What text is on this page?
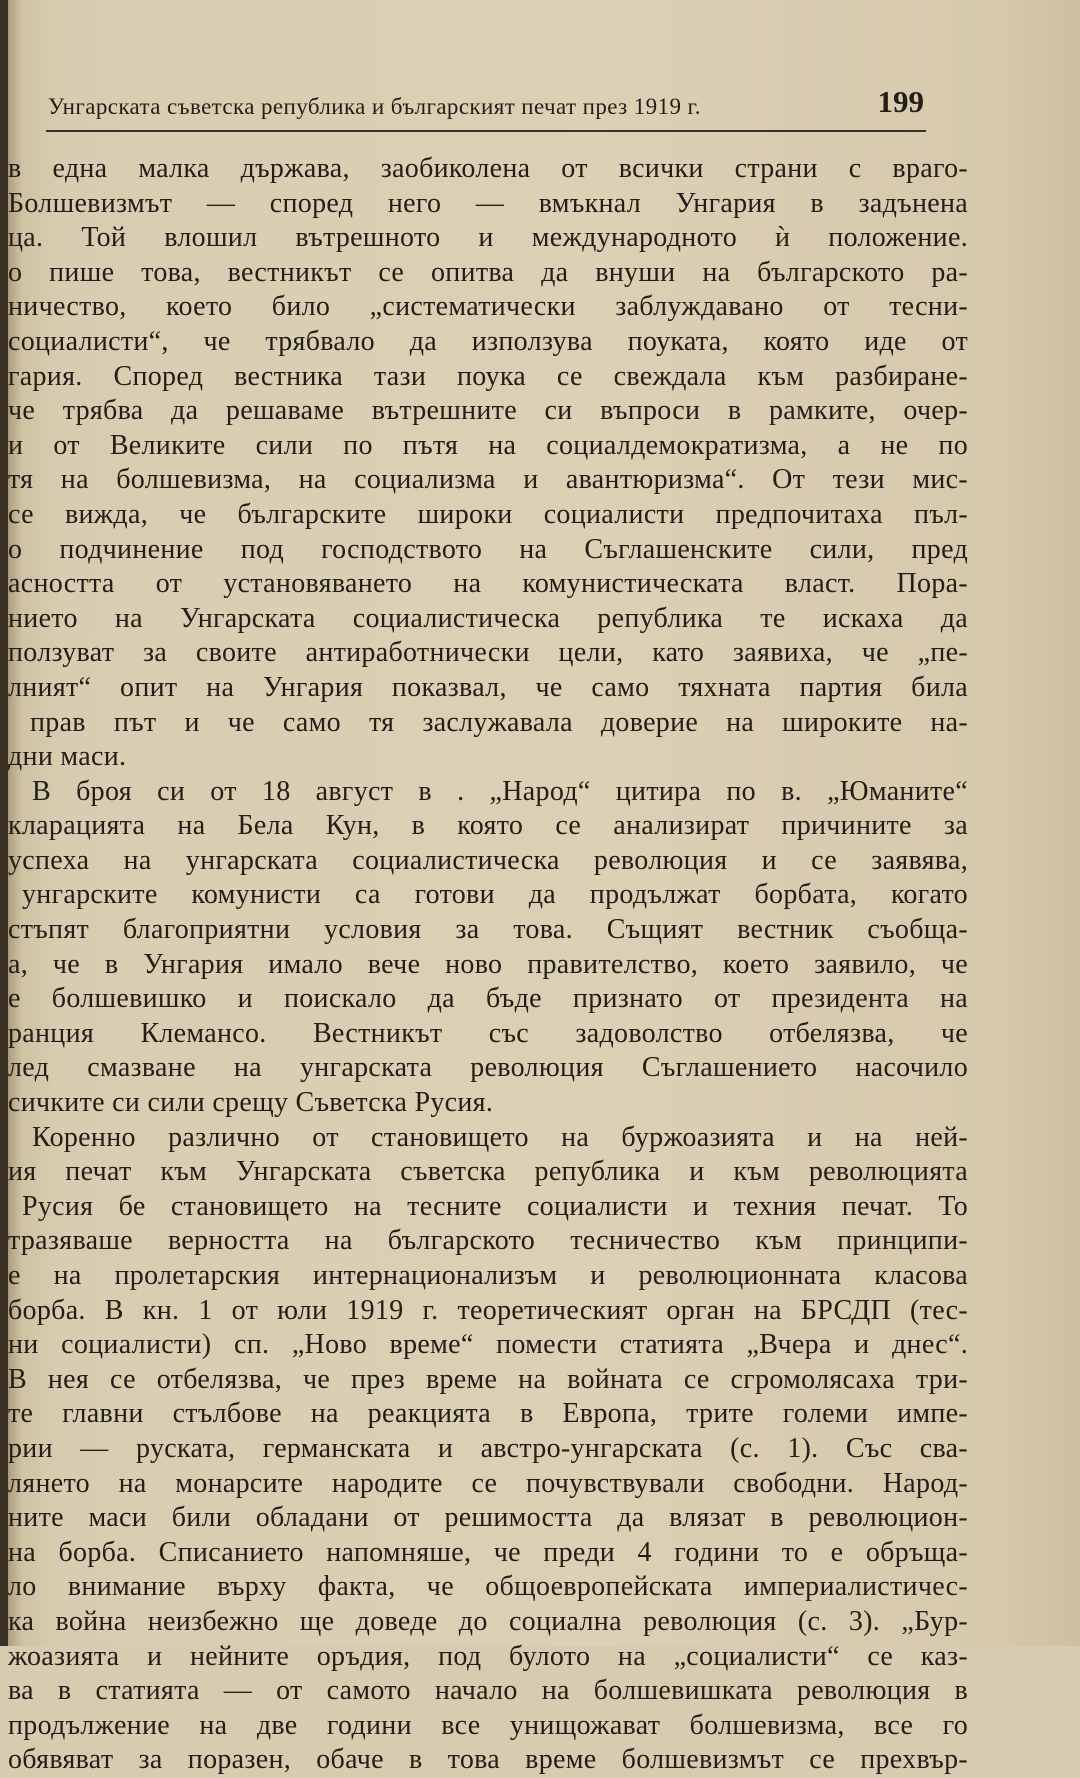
Унгарската съветска република и българският печат през 1919 г.	199
в една малка държава, заобиколена от всички страни с враго-
Болшевизмът — според него — вмъкнал Унгария в задънена
ца. Той влошил вътрешното и международното ѝ положение.
о пише това, вестникът се опитва да внуши на българското ра-
ничество, което било „систематически заблуждавано от тесни-
социалисти“, че трябвало да използува поуката, която иде от
гария. Според вестника тази поука се свеждала към разбиране-
че трябва да решаваме вътрешните си въпроси в рамките, очер-
и от Великите сили по пътя на социалдемократизма, а не по
тя на болшевизма, на социализма и авантюризма“. От тези мис-
се вижда, че българските широки социалисти предпочитаха пъл-
о подчинение под господството на Съглашенските сили, пред
асността от установяването на комунистическата власт. Пора-
нието на Унгарската социалистическа република те искаха да
ползуват за своите антиработнически цели, като заявиха, че „пе-
лният“ опит на Унгария показвал, че само тяхната партия била
прав път и че само тя заслужавала доверие на широките на-
дни маси.
В броя си от 18 август в . „Народ“ цитира по в. „Юманите“
кларацията на Бела Кун, в която се анализират причините за
успеха на унгарската социалистическа революция и се заявява,
унгарските комунисти са готови да продължат борбата, когато
стъпят благоприятни условия за това. Същият вестник съобща-
а, че в Унгария имало вече ново правителство, което заявило, че
е болшевишко и поискало да бъде признато от президента на
ранция Клемансо. Вестникът със задоволство отбелязва, че
лед смазване на унгарската революция Съглашението насочило
сичките си сили срещу Съветска Русия.
Коренно различно от становището на буржоазията и на ней-
ия печат към Унгарската съветска република и към революцията
Русия бе становището на тесните социалисти и техния печат. То
тразяваше верността на българското тесничество към принципи-
е на пролетарския интернационализъм и революционната класова
борба. В кн. 1 от юли 1919 г. теоретическият орган на БРСДП (тес-
ни социалисти) сп. „Ново време“ помести статията „Вчера и днес“.
В нея се отбелязва, че през време на войната се сгромолясаха три-
те главни стълбове на реакцията в Европа, трите големи импе-
рии — руската, германската и австро-унгарската (с. 1). Със сва-
лянето на монарсите народите се почувствували свободни. Народ-
ните маси били обладани от решимостта да влязат в революцион-
на борба. Списанието напомняше, че преди 4 години то е обръща-
ло внимание върху факта, че общоевропейската империалистичес-
ка война неизбежно ще доведе до социална революция (с. 3). „Бур-
жоазията и нейните оръдия, под булото на „социалисти“ се каз-
ва в статията — от самото начало на болшевишката революция в
продължение на две години все унищожават болшевизма, все го
обявяват за поразен, обаче в това време болшевизмът се прехвър-
